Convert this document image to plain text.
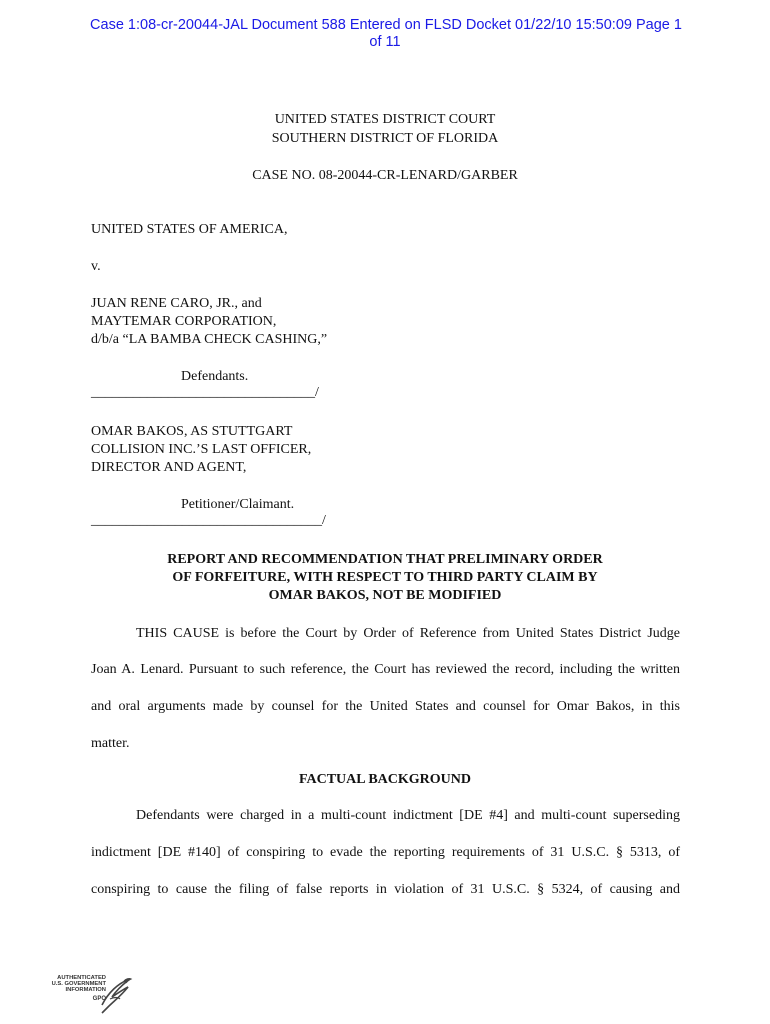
Case 1:08-cr-20044-JAL Document 588 Entered on FLSD Docket 01/22/10 15:50:09 Page 1
of 11
UNITED STATES DISTRICT COURT
SOUTHERN DISTRICT OF FLORIDA
CASE NO. 08-20044-CR-LENARD/GARBER
UNITED STATES OF AMERICA,
v.
JUAN RENE CARO, JR., and
MAYTEMAR CORPORATION,
d/b/a “LA BAMBA CHECK CASHING,”
Defendants.
________________________________/
OMAR BAKOS, AS STUTTGART
COLLISION INC.’S LAST OFFICER,
DIRECTOR AND AGENT,
Petitioner/Claimant.
_________________________________/
REPORT AND RECOMMENDATION THAT PRELIMINARY ORDER
OF FORFEITURE, WITH RESPECT TO THIRD PARTY CLAIM BY
OMAR BAKOS, NOT BE MODIFIED
THIS CAUSE is before the Court by Order of Reference from United States District Judge
Joan A. Lenard. Pursuant to such reference, the Court has reviewed the record, including the written
and oral arguments made by counsel for the United States and counsel for Omar Bakos, in this
matter.
FACTUAL BACKGROUND
Defendants were charged in a multi-count indictment [DE #4] and multi-count superseding
indictment [DE #140] of conspiring to evade the reporting requirements of 31 U.S.C. § 5313, of
conspiring to cause the filing of false reports in violation of 31 U.S.C. § 5324, of causing and
AUTHENTICATED
U.S. GOVERNMENT
INFORMATION
GPO
